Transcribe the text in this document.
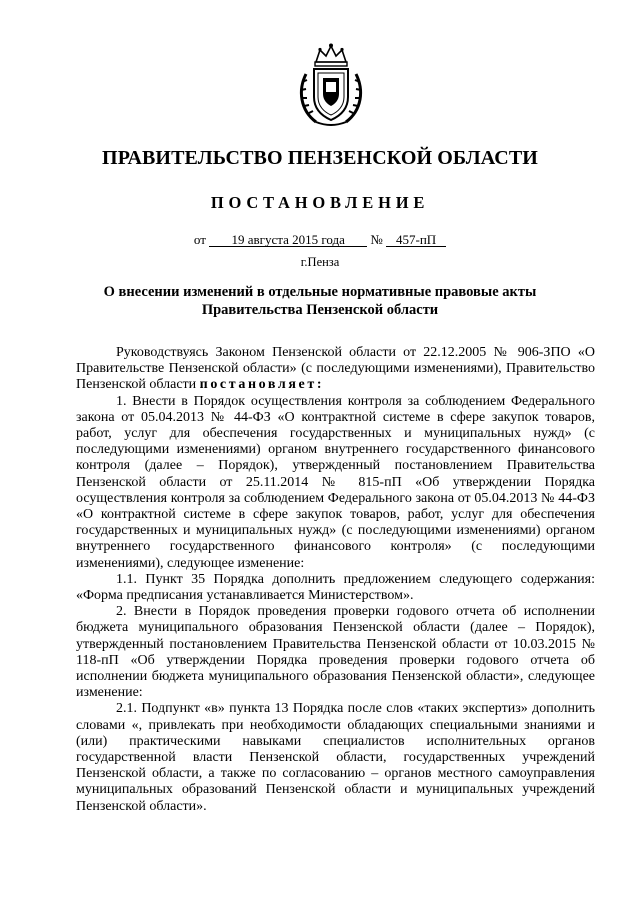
ПРАВИТЕЛЬСТВО ПЕНЗЕНСКОЙ ОБЛАСТИ
ПОСТАНОВЛЕНИЕ
от 19 августа 2015 года № 457-пП
г.Пенза
О внесении изменений в отдельные нормативные правовые акты
Правительства Пензенской области

Руководствуясь Законом Пензенской области от 22.12.2005 № 906-ЗПО «О Правительстве Пензенской области» (с последующими изменениями), Правительство Пензенской области постановляет:

1. Внести в Порядок осуществления контроля за соблюдением Федерального закона от 05.04.2013 № 44-ФЗ «О контрактной системе в сфере закупок товаров, работ, услуг для обеспечения государственных и муниципальных нужд» (с последующими изменениями) органом внутреннего государственного финансового контроля (далее – Порядок), утвержденный постановлением Правительства Пензенской области от 25.11.2014 № 815-пП «Об утверждении Порядка осуществления контроля за соблюдением Федерального закона от 05.04.2013 № 44-ФЗ «О контрактной системе в сфере закупок товаров, работ, услуг для обеспечения государственных и муниципальных нужд» (с последующими изменениями) органом внутреннего государственного финансового контроля» (с последующими изменениями), следующее изменение:

1.1. Пункт 35 Порядка дополнить предложением следующего содержания: «Форма предписания устанавливается Министерством».

2. Внести в Порядок проведения проверки годового отчета об исполнении бюджета муниципального образования Пензенской области (далее – Порядок), утвержденный постановлением Правительства Пензенской области от 10.03.2015 № 118-пП «Об утверждении Порядка проведения проверки годового отчета об исполнении бюджета муниципального образования Пензенской области», следующее изменение:

2.1. Подпункт «в» пункта 13 Порядка после слов «таких экспертиз» дополнить словами «, привлекать при необходимости обладающих специальными знаниями и (или) практическими навыками специалистов исполнительных органов государственной власти Пензенской области, государственных учреждений Пензенской области, а также по согласованию – органов местного самоуправления муниципальных образований Пензенской области и муниципальных учреждений Пензенской области».
